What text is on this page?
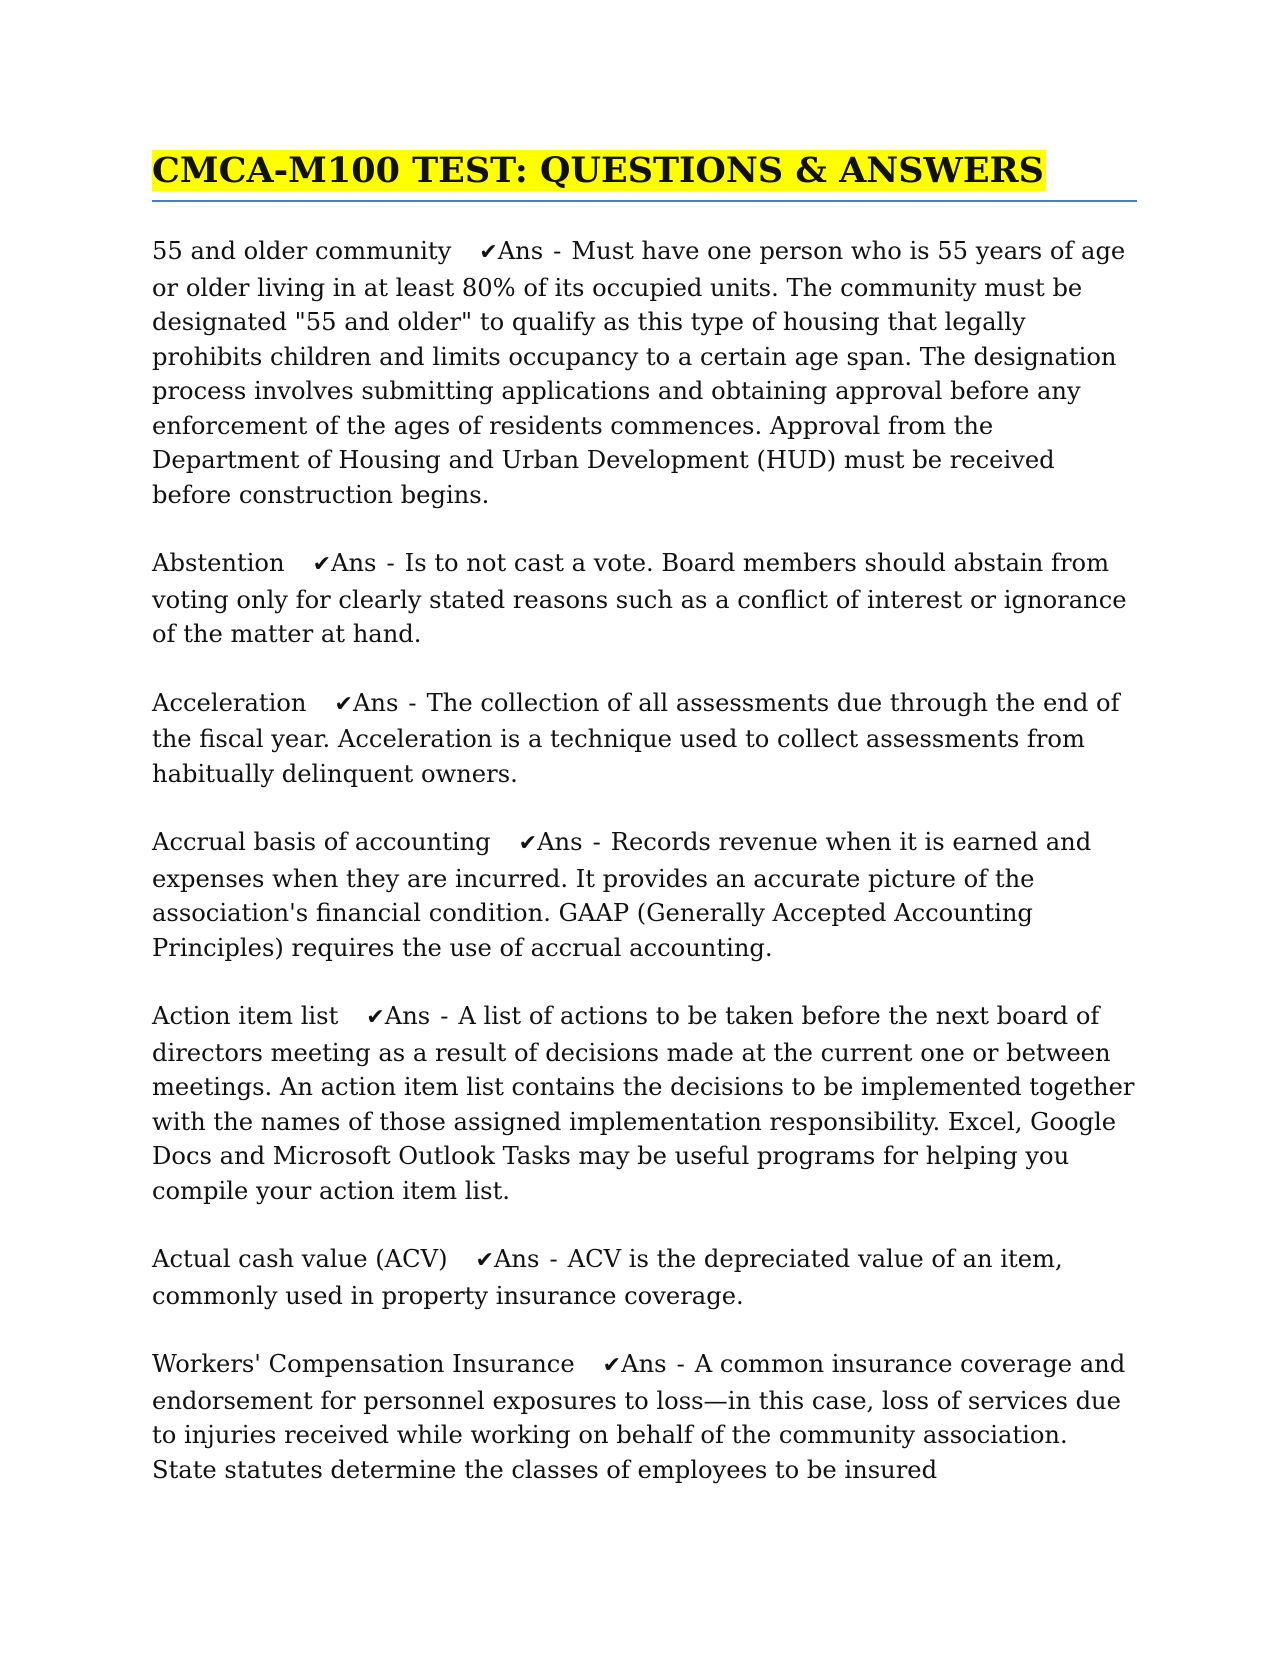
CMCA-M100 TEST: QUESTIONS & ANSWERS

55 and older community ✔Ans - Must have one person who is 55 years of age or older living in at least 80% of its occupied units. The community must be designated "55 and older" to qualify as this type of housing that legally prohibits children and limits occupancy to a certain age span. The designation process involves submitting applications and obtaining approval before any enforcement of the ages of residents commences. Approval from the Department of Housing and Urban Development (HUD) must be received before construction begins.

Abstention ✔Ans - Is to not cast a vote. Board members should abstain from voting only for clearly stated reasons such as a conflict of interest or ignorance of the matter at hand.

Acceleration ✔Ans - The collection of all assessments due through the end of the fiscal year. Acceleration is a technique used to collect assessments from habitually delinquent owners.

Accrual basis of accounting ✔Ans - Records revenue when it is earned and expenses when they are incurred. It provides an accurate picture of the association's financial condition. GAAP (Generally Accepted Accounting Principles) requires the use of accrual accounting.

Action item list ✔Ans - A list of actions to be taken before the next board of directors meeting as a result of decisions made at the current one or between meetings. An action item list contains the decisions to be implemented together with the names of those assigned implementation responsibility. Excel, Google Docs and Microsoft Outlook Tasks may be useful programs for helping you compile your action item list.

Actual cash value (ACV) ✔Ans - ACV is the depreciated value of an item, commonly used in property insurance coverage.

Workers' Compensation Insurance ✔Ans - A common insurance coverage and endorsement for personnel exposures to loss—in this case, loss of services due to injuries received while working on behalf of the community association. State statutes determine the classes of employees to be insured
